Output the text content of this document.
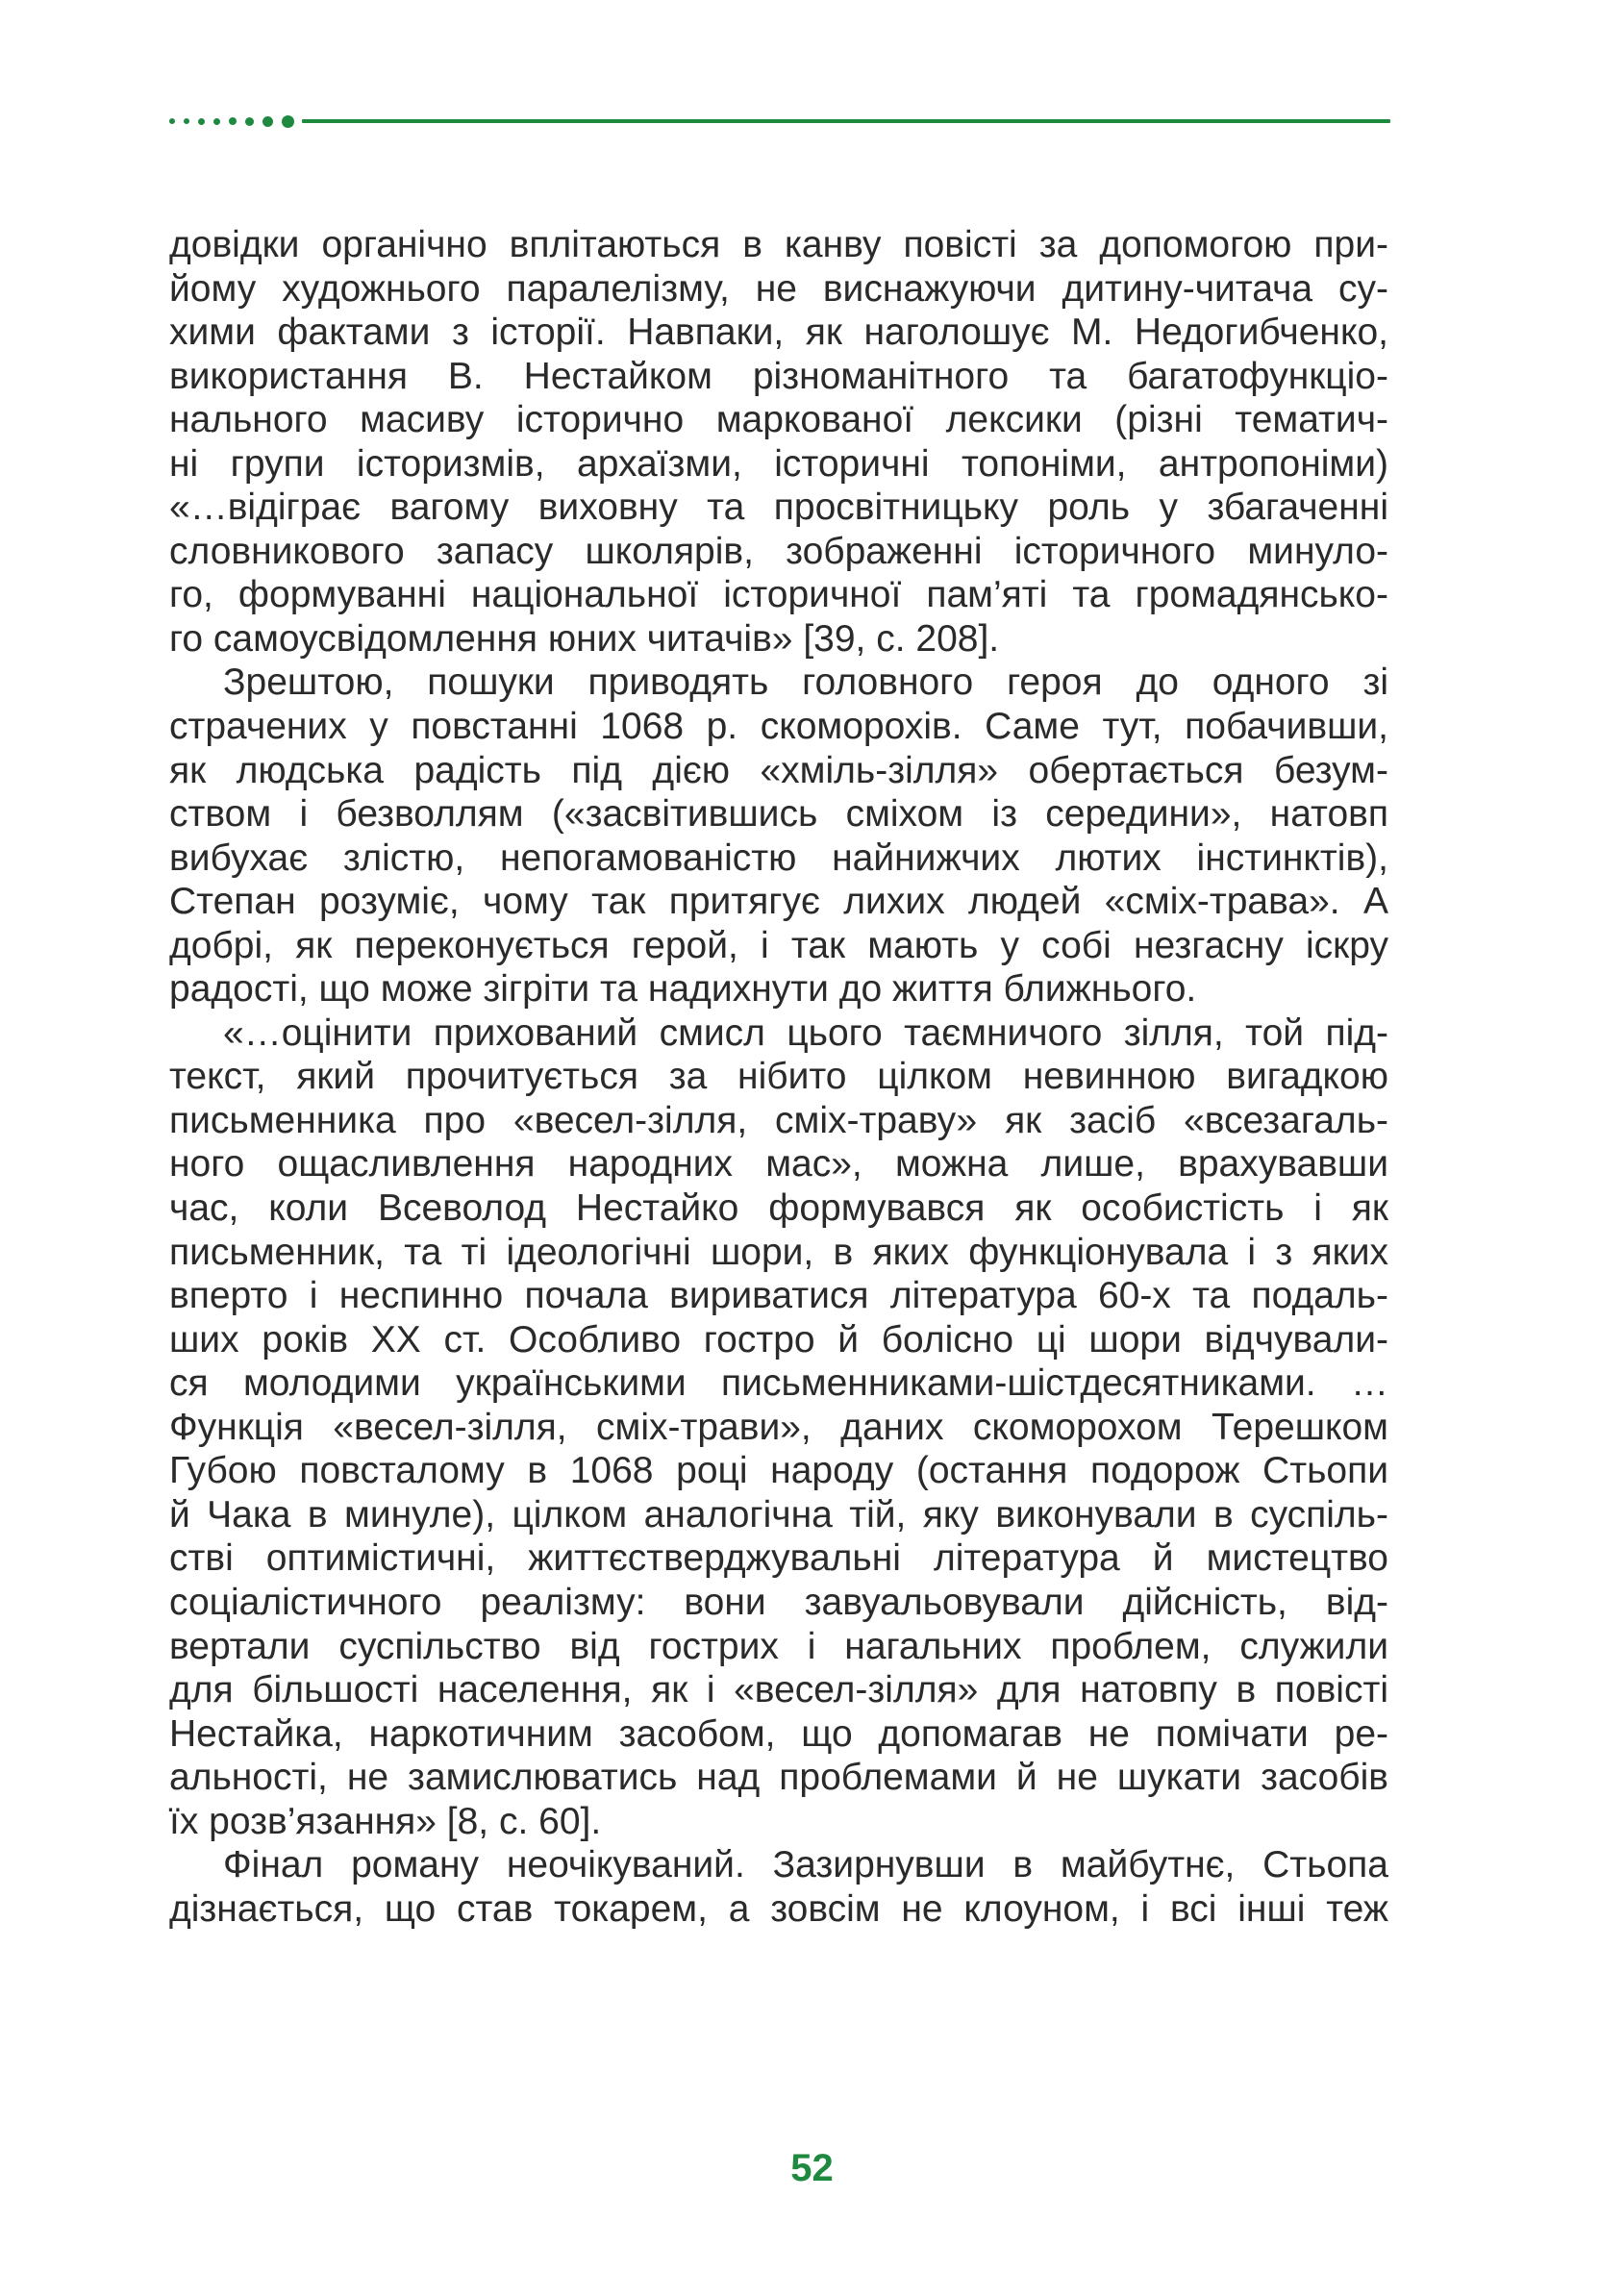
довідки органічно вплітаються в канву повісті за допомогою при-
йому художнього паралелізму, не виснажуючи дитину-читача су-
хими фактами з історії. Навпаки, як наголошує М. Недогибченко,
використання В. Нестайком різноманітного та багатофункціо-
нального масиву історично маркованої лексики (різні тематич-
ні групи історизмів, архаїзми, історичні топоніми, антропоніми)
«…відіграє вагому виховну та просвітницьку роль у збагаченні
словникового запасу школярів, зображенні історичного минуло-
го, формуванні національної історичної пам’яті та громадянсько-
го самоусвідомлення юних читачів» [39, с. 208].

Зрештою, пошуки приводять головного героя до одного зі
страчених у повстанні 1068 р. скоморохів. Саме тут, побачивши,
як людська радість під дією «хміль-зілля» обертається безум-
ством і безволлям («засвітившись сміхом із середини», натовп
вибухає злістю, непогамованістю найнижчих лютих інстинктів),
Степан розуміє, чому так притягує лихих людей «сміх-трава». А
добрі, як переконується герой, і так мають у собі незгасну іскру
радості, що може зігріти та надихнути до життя ближнього.

«…оцінити прихований смисл цього таємничого зілля, той під-
текст, який прочитується за нібито цілком невинною вигадкою
письменника про «весел-зілля, сміх-траву» як засіб «всезагаль-
ного ощасливлення народних мас», можна лише, врахувавши
час, коли Всеволод Нестайко формувався як особистість і як
письменник, та ті ідеологічні шори, в яких функціонувала і з яких
вперто і неспинно почала вириватися література 60-х та подаль-
ших років ХХ ст. Особливо гостро й болісно ці шори відчували-
ся молодими українськими письменниками-шістдесятниками. …
Функція «весел-зілля, сміх-трави», даних скоморохом Терешком
Губою повсталому в 1068 році народу (остання подорож Стьопи
й Чака в минуле), цілком аналогічна тій, яку виконували в суспіль-
стві оптимістичні, життєстверджувальні література й мистецтво
соціалістичного реалізму: вони завуальовували дійсність, від-
вертали суспільство від гострих і нагальних проблем, служили
для більшості населення, як і «весел-зілля» для натовпу в повісті
Нестайка, наркотичним засобом, що допомагав не помічати ре-
альності, не замислюватись над проблемами й не шукати засобів
їх розв’язання» [8, с. 60].

Фінал роману неочікуваний. Зазирнувши в майбутнє, Стьопа
дізнається, що став токарем, а зовсім не клоуном, і всі інші теж

52
